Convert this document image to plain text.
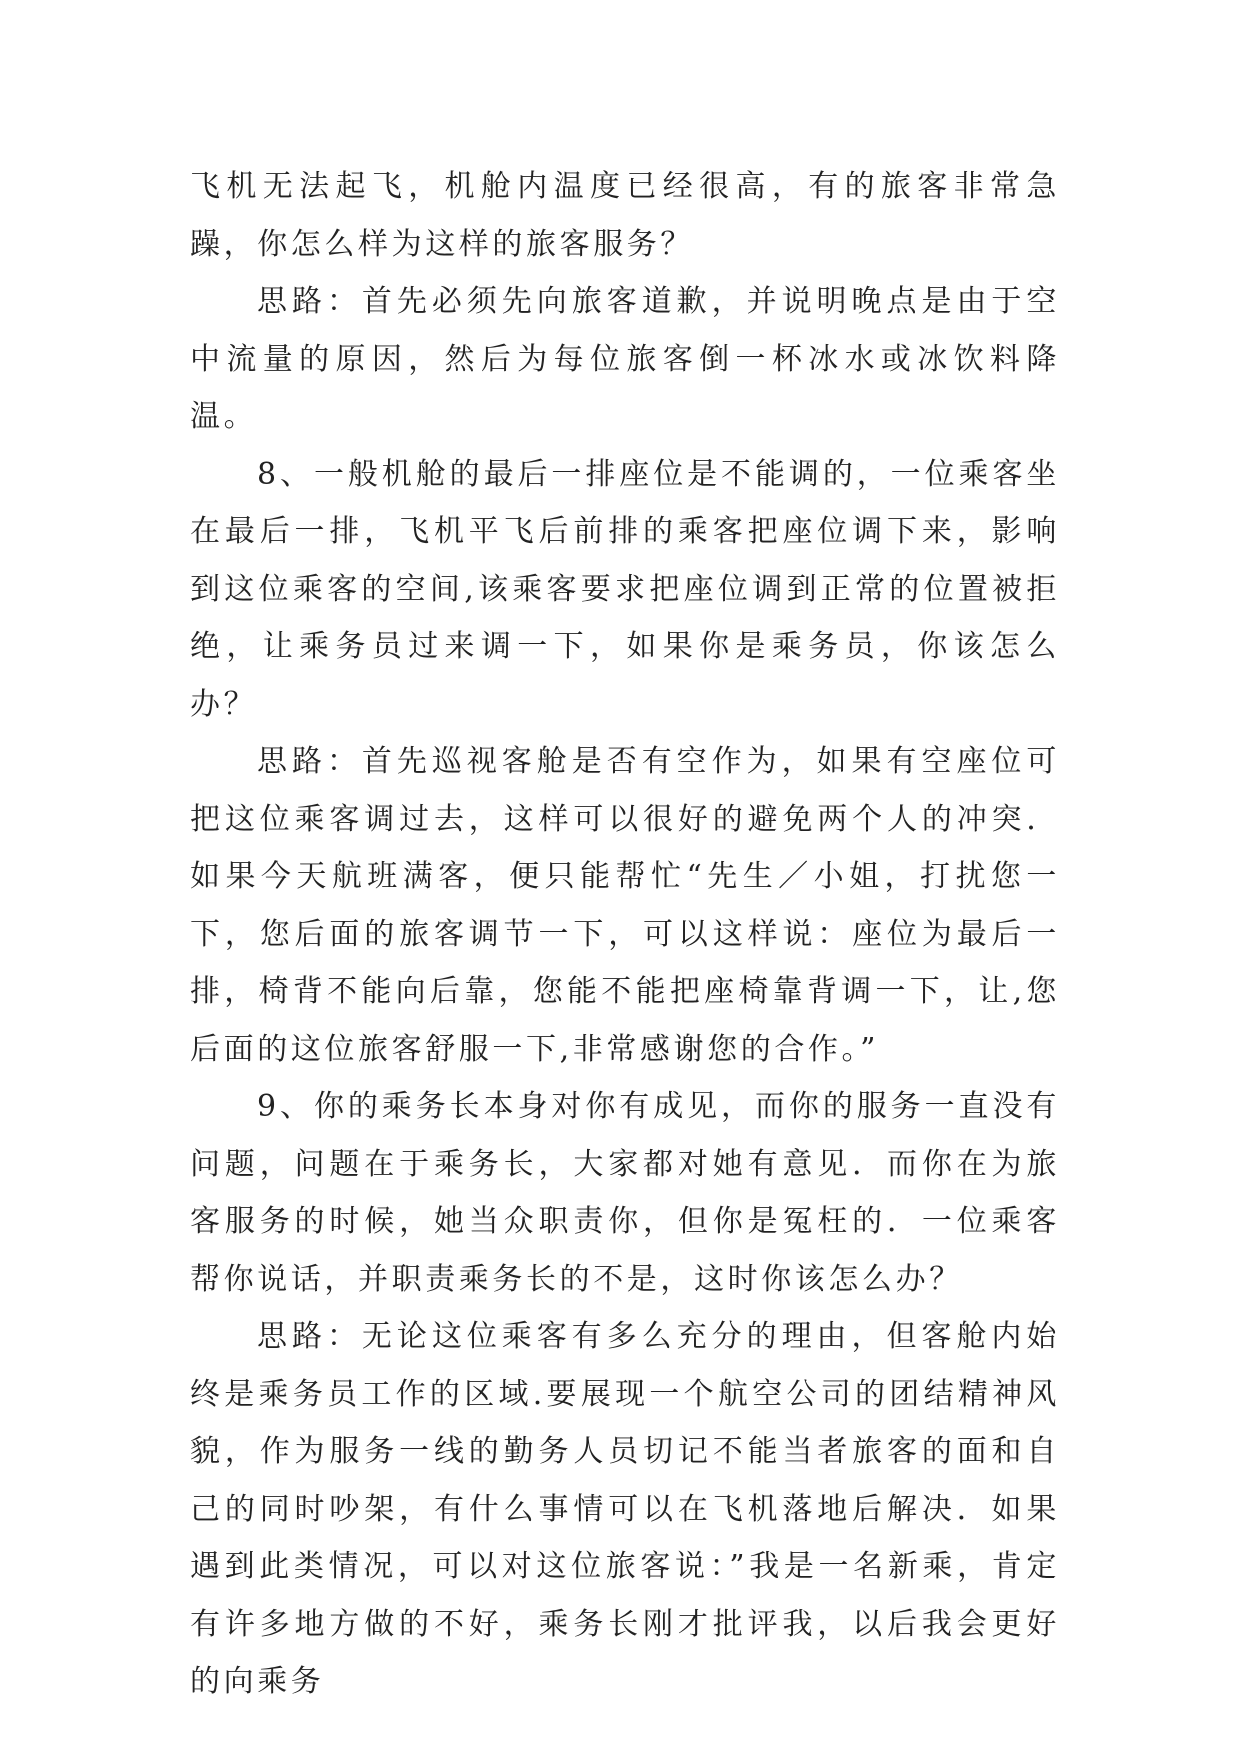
飞机无法起飞，机舱内温度已经很高，有的旅客非常急躁，你怎么样为这样的旅客服务？

思路：首先必须先向旅客道歉，并说明晚点是由于空中流量的原因，然后为每位旅客倒一杯冰水或冰饮料降温。

8、一般机舱的最后一排座位是不能调的，一位乘客坐在最后一排，飞机平飞后前排的乘客把座位调下来，影响到这位乘客的空间,该乘客要求把座位调到正常的位置被拒绝，让乘务员过来调一下，如果你是乘务员，你该怎么办？

思路：首先巡视客舱是否有空作为，如果有空座位可把这位乘客调过去，这样可以很好的避免两个人的冲突．如果今天航班满客，便只能帮忙“先生／小姐，打扰您一下，您后面的旅客调节一下，可以这样说：座位为最后一排，椅背不能向后靠，您能不能把座椅靠背调一下，让,您后面的这位旅客舒服一下,非常感谢您的合作。”

9、你的乘务长本身对你有成见，而你的服务一直没有问题，问题在于乘务长，大家都对她有意见．而你在为旅客服务的时候，她当众职责你，但你是冤枉的．一位乘客帮你说话，并职责乘务长的不是，这时你该怎么办？

思路：无论这位乘客有多么充分的理由，但客舱内始终是乘务员工作的区域.要展现一个航空公司的团结精神风貌，作为服务一线的勤务人员切记不能当者旅客的面和自己的同时吵架，有什么事情可以在飞机落地后解决．如果遇到此类情况，可以对这位旅客说：”我是一名新乘，肯定有许多地方做的不好，乘务长刚才批评我，以后我会更好的向乘务
